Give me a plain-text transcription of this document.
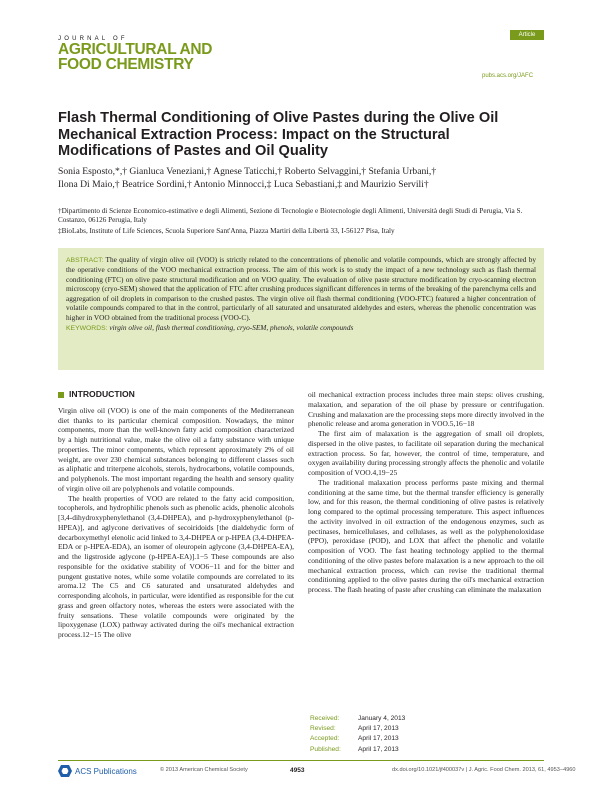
JOURNAL OF
AGRICULTURAL AND
FOOD CHEMISTRY
Article
pubs.acs.org/JAFC
Flash Thermal Conditioning of Olive Pastes during the Olive Oil Mechanical Extraction Process: Impact on the Structural Modifications of Pastes and Oil Quality
Sonia Esposto,*,† Gianluca Veneziani,† Agnese Taticchi,† Roberto Selvaggini,† Stefania Urbani,†
Ilona Di Maio,† Beatrice Sordini,† Antonio Minnocci,‡ Luca Sebastiani,‡ and Maurizio Servili†
†Dipartimento di Scienze Economico-estimative e degli Alimenti, Sezione di Tecnologie e Biotecnologie degli Alimenti, Università degli Studi di Perugia, Via S. Costanzo, 06126 Perugia, Italy
‡BioLabs, Institute of Life Sciences, Scuola Superiore Sant'Anna, Piazza Martiri della Libertà 33, I-56127 Pisa, Italy
ABSTRACT: The quality of virgin olive oil (VOO) is strictly related to the concentrations of phenolic and volatile compounds, which are strongly affected by the operative conditions of the VOO mechanical extraction process. The aim of this work is to study the impact of a new technology such as flash thermal conditioning (FTC) on olive paste structural modification and on VOO quality. The evaluation of olive paste structure modification by cryo-scanning electron microscopy (cryo-SEM) showed that the application of FTC after crushing produces significant differences in terms of the breaking of the parenchyma cells and aggregation of oil droplets in comparison to the crushed pastes. The virgin olive oil flash thermal conditioning (VOO-FTC) featured a higher concentration of volatile compounds compared to that in the control, particularly of all saturated and unsaturated aldehydes and esters, whereas the phenolic concentration was higher in VOO obtained from the traditional process (VOO-C).
KEYWORDS: virgin olive oil, flash thermal conditioning, cryo-SEM, phenols, volatile compounds
INTRODUCTION

Virgin olive oil (VOO) is one of the main components of the Mediterranean diet thanks to its particular chemical composition. Nowadays, the minor components, more than the well-known fatty acid composition characterized by a high nutritional value, make the olive oil a fatty substance with unique properties. The minor components, which represent approximately 2% of oil weight, are over 230 chemical substances belonging to different classes such as aliphatic and triterpene alcohols, sterols, hydrocarbons, volatile compounds, and polyphenols. The most important regarding the health and sensory quality of virgin olive oil are polyphenols and volatile compounds.

The health properties of VOO are related to the fatty acid composition, tocopherols, and hydrophilic phenols such as phenolic acids, phenolic alcohols [3,4-dihydroxyphenylethanol (3,4-DHPEA), and p-hydroxyphenylethanol (p-HPEA)], and aglycone derivatives of secoiridoids [the dialdehydic form of decarboxymethyl elenolic acid linked to 3,4-DHPEA or p-HPEA (3,4-DHPEA-EDA or p-HPEA-EDA), an isomer of oleuropein aglycone (3,4-DHPEA-EA), and the ligstroside aglycone (p-HPEA-EA)].1−5 These compounds are also responsible for the oxidative stability of VOO6−11 and for the bitter and pungent gustative notes, while some volatile compounds are correlated to its aroma.12 The C5 and C6 saturated and unsaturated aldehydes and corresponding alcohols, in particular, were identified as responsible for the cut grass and green olfactory notes, whereas the esters were associated with the fruity sensations. These volatile compounds were originated by the lipoxygenase (LOX) pathway activated during the oil's mechanical extraction process.12−15 The olive

oil mechanical extraction process includes three main steps: olives crushing, malaxation, and separation of the oil phase by pressure or centrifugation. Crushing and malaxation are the processing steps more directly involved in the phenolic release and aroma generation in VOO.5,16−18

The first aim of malaxation is the aggregation of small oil droplets, dispersed in the olive pastes, to facilitate oil separation during the mechanical extraction process. So far, however, the control of time, temperature, and oxygen availability during processing strongly affects the phenolic and volatile composition of VOO.4,19−25

The traditional malaxation process performs paste mixing and thermal conditioning at the same time, but the thermal transfer efficiency is generally low, and for this reason, the thermal conditioning of olive pastes is relatively long compared to the optimal processing temperature. This aspect influences the activity involved in oil extraction of the endogenous enzymes, such as pectinases, hemicellulases, and cellulases, as well as the polyphenoloxidase (PPO), peroxidase (POD), and LOX that affect the phenolic and volatile composition of VOO. The fast heating technology applied to the thermal conditioning of the olive pastes before malaxation is a new approach to the oil mechanical extraction process, which can revise the traditional thermal conditioning applied to the olive pastes during the oil's mechanical extraction process. The flash heating of paste after crushing can eliminate the malaxation

Received:	January 4, 2013
Revised:	April 17, 2013
Accepted:	April 17, 2013
Published:	April 17, 2013
ACS Publications	© 2013 American Chemical Society	4953	dx.doi.org/10.1021/jf400037v | J. Agric. Food Chem. 2013, 61, 4953−4960
